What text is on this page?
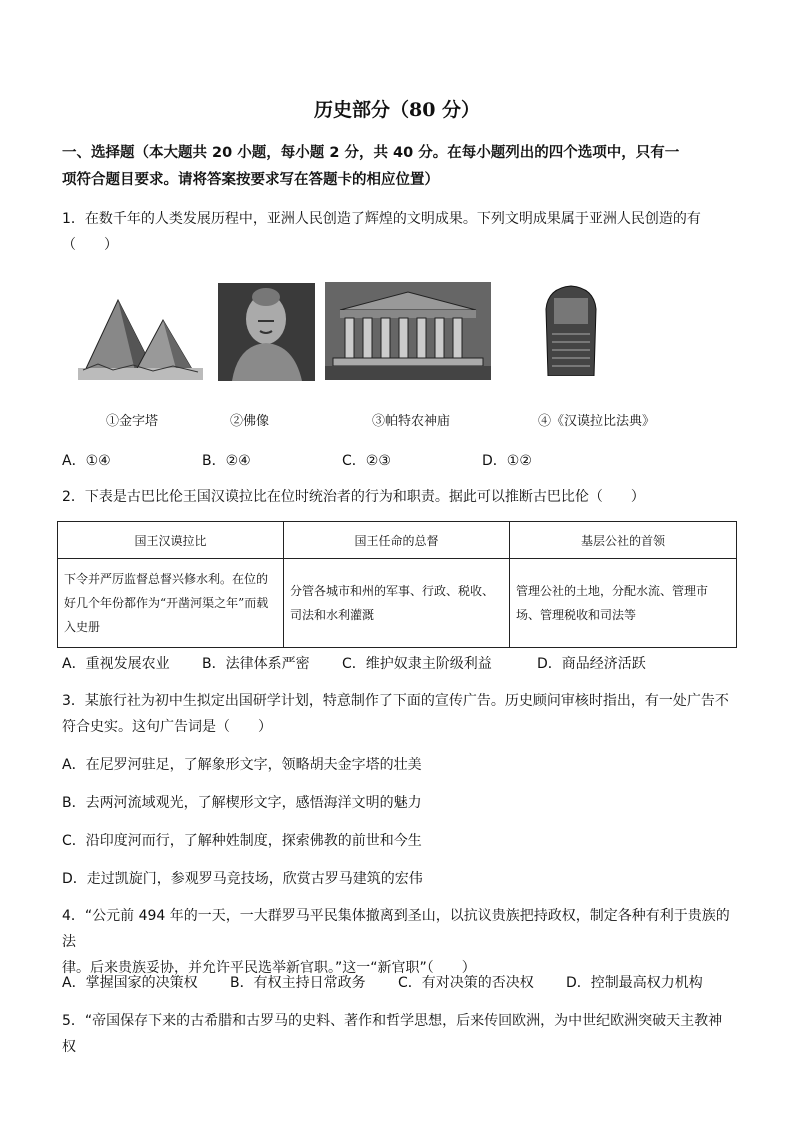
历史部分（80 分）
一、选择题（本大题共 20 小题，每小题 2 分，共 40 分。在每小题列出的四个选项中，只有一
项符合题目要求。请将答案按要求写在答题卡的相应位置）
1．在数千年的人类发展历程中，亚洲人民创造了辉煌的文明成果。下列文明成果属于亚洲人民创造的有
（　　）
①金字塔	②佛像	③帕特农神庙	④《汉谟拉比法典》
A．①④	B．②④	C．②③	D．①②
2．下表是古巴比伦王国汉谟拉比在位时统治者的行为和职责。据此可以推断古巴比伦（　　）
国王汉谟拉比	国王任命的总督	基层公社的首领
下令并严厉监督总督兴修水利。在位的好几个年份都作为“开凿河渠之年”而载入史册	分管各城市和州的军事、行政、税收、司法和水利灌溉	管理公社的土地，分配水流、管理市场、管理税收和司法等
A．重视发展农业 B．法律体系严密 C．维护奴隶主阶级利益	D．商品经济活跃
3．某旅行社为初中生拟定出国研学计划，特意制作了下面的宣传广告。历史顾问审核时指出，有一处广告不
符合史实。这句广告词是（　　）
A．在尼罗河驻足，了解象形文字，领略胡夫金字塔的壮美
B．去两河流域观光，了解楔形文字，感悟海洋文明的魅力
C．沿印度河而行，了解种姓制度，探索佛教的前世和今生
D．走过凯旋门，参观罗马竞技场，欣赏古罗马建筑的宏伟
4．“公元前 494 年的一天，一大群罗马平民集体撤离到圣山，以抗议贵族把持政权，制定各种有利于贵族的法
律。后来贵族妥协，并允许平民选举新官职。”这一“新官职”（　　）
A．掌握国家的决策权 B．有权主持日常政务 C．有对决策的否决权 D．控制最高权力机构
5．“帝国保存下来的古希腊和古罗马的史料、著作和哲学思想，后来传回欧洲，为中世纪欧洲突破天主教神权
